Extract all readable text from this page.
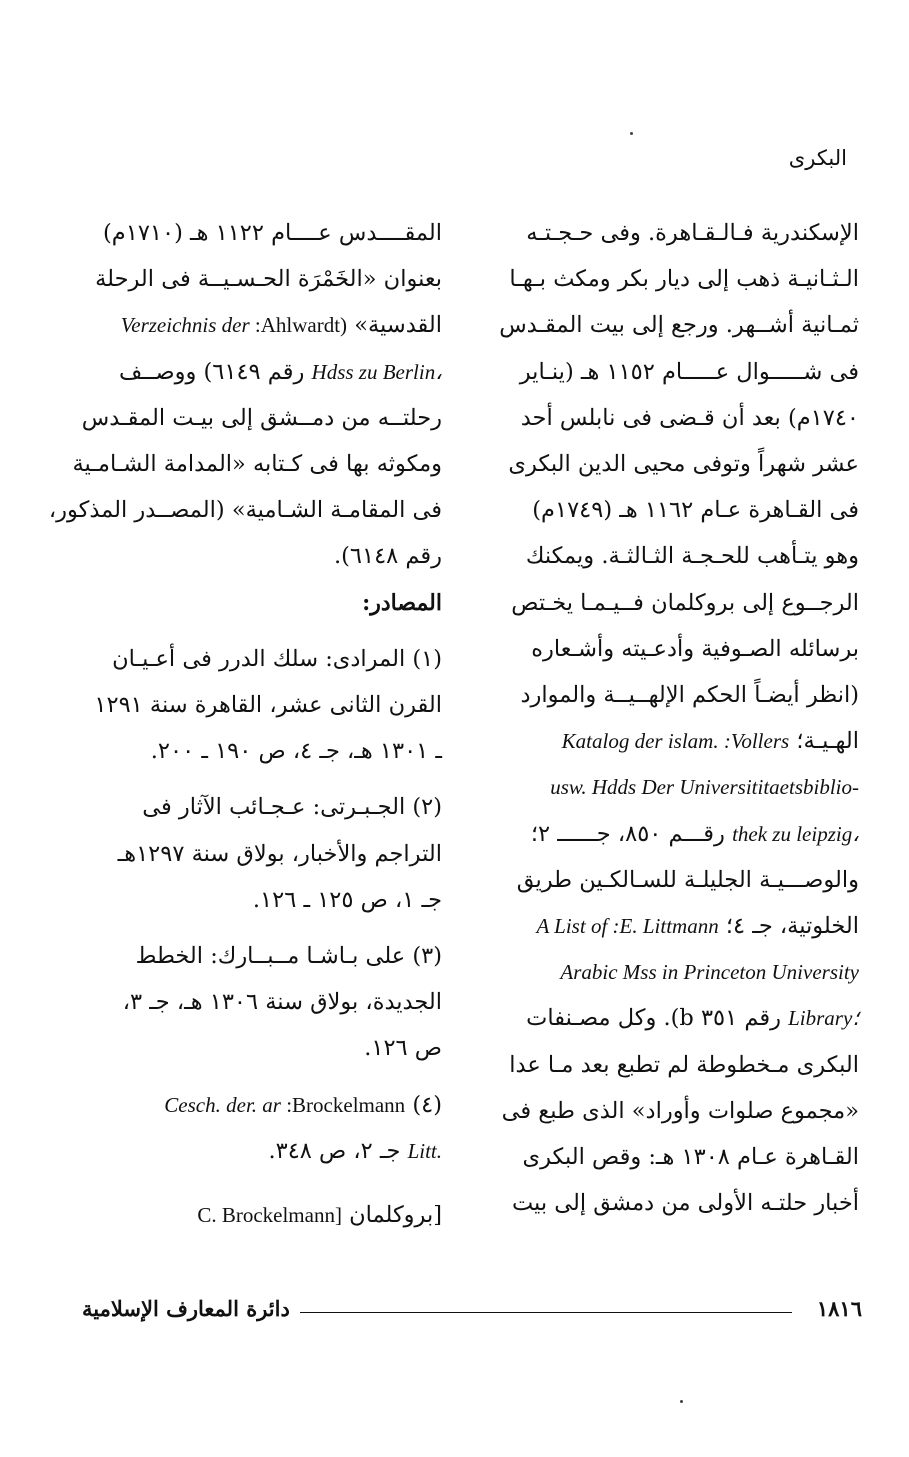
البكرى
الإسكندرية فـالـقـاهرة. وفى حـجـتـه
الـثـانيـة ذهب إلى ديار بكر ومكث بـهـا
ثمـانية أشــهر. ورجع إلى بيت المقـدس
فى شـــــوال عـــــام ١١٥٢ هـ (ينـاير
١٧٤٠م) بعد أن قـضى فى نابلس أحد
عشر شهراً وتوفى محيى الدين البكرى
فى القـاهرة عـام ١١٦٢ هـ (١٧٤٩م)
وهو يتـأهب للحـجـة الثـالثـة. ويمكنك
الرجــوع إلى بروكلمان فــيـمـا يخـتص
برسائله الصـوفية وأدعـيته وأشـعاره
(انظر أيضـاً الحكم الإلهــيــة والموارد
الهـيـة؛ Katalog der islam. :Vollers
usw. Hdds Der Universititaetsbiblio-
thek zu leipzig، رقـــم ٨٥٠، جــــــ ٢؛
والوصـــيـة الجليلـة للسـالكـين طريق
الخلوتية، جـ ٤؛ A List of :E. Littmann
Arabic Mss in Princeton University
Library؛ رقم ٣٥١ b). وكل مصـنفات
البكرى مـخطوطة لم تطبع بعد مـا عدا
«مجموع صلوات وأوراد» الذى طبع فى
القـاهرة عـام ١٣٠٨ هـ: وقص البكرى
أخبار حلتـه الأولى من دمشق إلى بيت
المقــــدس عــــام ١١٢٢ هـ (١٧١٠م)
بعنوان «الخَمْرَة الحـسـيــة فى الرحلة
القدسية» Verzeichnis der :Ahlwardt)
Hdss zu Berlin، رقم ٦١٤٩) ووصــف
رحلتــه من دمــشق إلى بيـت المقـدس
ومكوثه بها فى كـتابه «المدامة الشـامـية
فى المقامـة الشـامية» (المصــدر المذكور،
رقم ٦١٤٨).
المصادر:
(١) المرادى: سلك الدرر فى أعـيـان
القرن الثانى عشر، القاهرة سنة ١٢٩١
ـ ١٣٠١ هـ، جـ ٤، ص ١٩٠ ـ ٢٠٠.
(٢) الجـبـرتى: عـجـائب الآثار فى
التراجم والأخبار، بولاق سنة ١٢٩٧هـ
جـ ١، ص ١٢٥ ـ ١٢٦.
(٣) على بـاشـا مــبــارك: الخطط
الجديدة، بولاق سنة ١٣٠٦ هـ، جـ ٣،
ص ١٢٦.
(٤) Cesch. der. ar :Brockelmann
Litt. جـ ٢، ص ٣٤٨.
[بروكلمان C. Brockelmann]
دائرة المعارف الإسلامية	١٨١٦
